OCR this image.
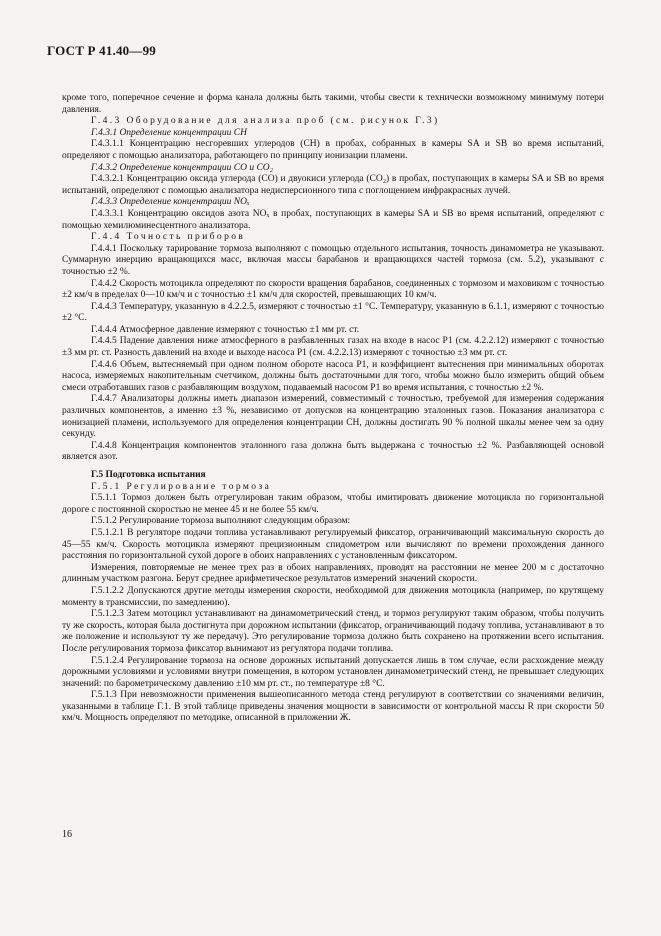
ГОСТ Р 41.40—99

кроме того, поперечное сечение и форма канала должны быть такими, чтобы свести к технически возможному минимуму потери давления.

Г.4.3 Оборудование для анализа проб (см. рисунок Г.3)

Г.4.3.1 Определение концентрации CH

Г.4.3.1.1 Концентрацию несгоревших углеродов (CH) в пробах, собранных в камеры SA и SB во время испытаний, определяют с помощью анализатора, работающего по принципу ионизации пламени.

Г.4.3.2 Определение концентрации CO и CO₂

Г.4.3.2.1 Концентрацию оксида углерода (CO) и двуокиси углерода (CO₂) в пробах, поступающих в камеры SA и SB во время испытаний, определяют с помощью анализатора недисперсионного типа с поглощением инфракрасных лучей.

Г.4.3.3 Определение концентрации NOₓ

Г.4.3.3.1 Концентрацию оксидов азота NOₓ в пробах, поступающих в камеры SA и SB во время испытаний, определяют с помощью хемилюминесцентного анализатора.

Г.4.4 Точность приборов

Г.4.4.1 Поскольку тарирование тормоза выполняют с помощью отдельного испытания, точность динамометра не указывают. Суммарную инерцию вращающихся масс, включая массы барабанов и вращающихся частей тормоза (см. 5.2), указывают с точностью ±2 %.

Г.4.4.2 Скорость мотоцикла определяют по скорости вращения барабанов, соединенных с тормозом и маховиком с точностью ±2 км/ч в пределах 0—10 км/ч и с точностью ±1 км/ч для скоростей, превышающих 10 км/ч.

Г.4.4.3 Температуру, указанную в 4.2.2.5, измеряют с точностью ±1 °С. Температуру, указанную в 6.1.1, измеряют с точностью ±2 °С.

Г.4.4.4 Атмосферное давление измеряют с точностью ±1 мм рт. ст.

Г.4.4.5 Падение давления ниже атмосферного в разбавленных газах на входе в насос P1 (см. 4.2.2.12) измеряют с точностью ±3 мм рт. ст. Разность давлений на входе и выходе насоса P1 (см. 4.2.2.13) измеряют с точностью ±3 мм рт. ст.

Г.4.4.6 Объем, вытесняемый при одном полном обороте насоса P1, и коэффициент вытеснения при минимальных оборотах насоса, измеряемых накопительным счетчиком, должны быть достаточными для того, чтобы можно было измерить общий объем смеси отработавших газов с разбавляющим воздухом, подаваемый насосом P1 во время испытания, с точностью ±2 %.

Г.4.4.7 Анализаторы должны иметь диапазон измерений, совместимый с точностью, требуемой для измерения содержания различных компонентов, а именно ±3 %, независимо от допусков на концентрацию эталонных газов. Показания анализатора с ионизацией пламени, используемого для определения концентрации CH, должны достигать 90 % полной шкалы менее чем за одну секунду.

Г.4.4.8 Концентрация компонентов эталонного газа должна быть выдержана с точностью ±2 %. Разбавляющей основой является азот.

Г.5 Подготовка испытания

Г.5.1 Регулирование тормоза

Г.5.1.1 Тормоз должен быть отрегулирован таким образом, чтобы имитировать движение мотоцикла по горизонтальной дороге с постоянной скоростью не менее 45 и не более 55 км/ч.

Г.5.1.2 Регулирование тормоза выполняют следующим образом:

Г.5.1.2.1 В регуляторе подачи топлива устанавливают регулируемый фиксатор, ограничивающий максимальную скорость до 45—55 км/ч. Скорость мотоцикла измеряют прецизионным спидометром или вычисляют по времени прохождения данного расстояния по горизонтальной сухой дороге в обоих направлениях с установленным фиксатором.

Измерения, повторяемые не менее трех раз в обоих направлениях, проводят на расстоянии не менее 200 м с достаточно длинным участком разгона. Берут среднее арифметическое результатов измерений значений скорости.

Г.5.1.2.2 Допускаются другие методы измерения скорости, необходимой для движения мотоцикла (например, по крутящему моменту в трансмиссии, по замедлению).

Г.5.1.2.3 Затем мотоцикл устанавливают на динамометрический стенд, и тормоз регулируют таким образом, чтобы получить ту же скорость, которая была достигнута при дорожном испытании (фиксатор, ограничивающий подачу топлива, устанавливают в то же положение и используют ту же передачу). Это регулирование тормоза должно быть сохранено на протяжении всего испытания. После регулирования тормоза фиксатор вынимают из регулятора подачи топлива.

Г.5.1.2.4 Регулирование тормоза на основе дорожных испытаний допускается лишь в том случае, если расхождение между дорожными условиями и условиями внутри помещения, в котором установлен динамометрический стенд, не превышает следующих значений: по барометрическому давлению ±10 мм рт. ст., по температуре ±8 °С.

Г.5.1.3 При невозможности применения вышеописанного метода стенд регулируют в соответствии со значениями величин, указанными в таблице Г.1. В этой таблице приведены значения мощности в зависимости от контрольной массы R при скорости 50 км/ч. Мощность определяют по методике, описанной в приложении Ж.

16
